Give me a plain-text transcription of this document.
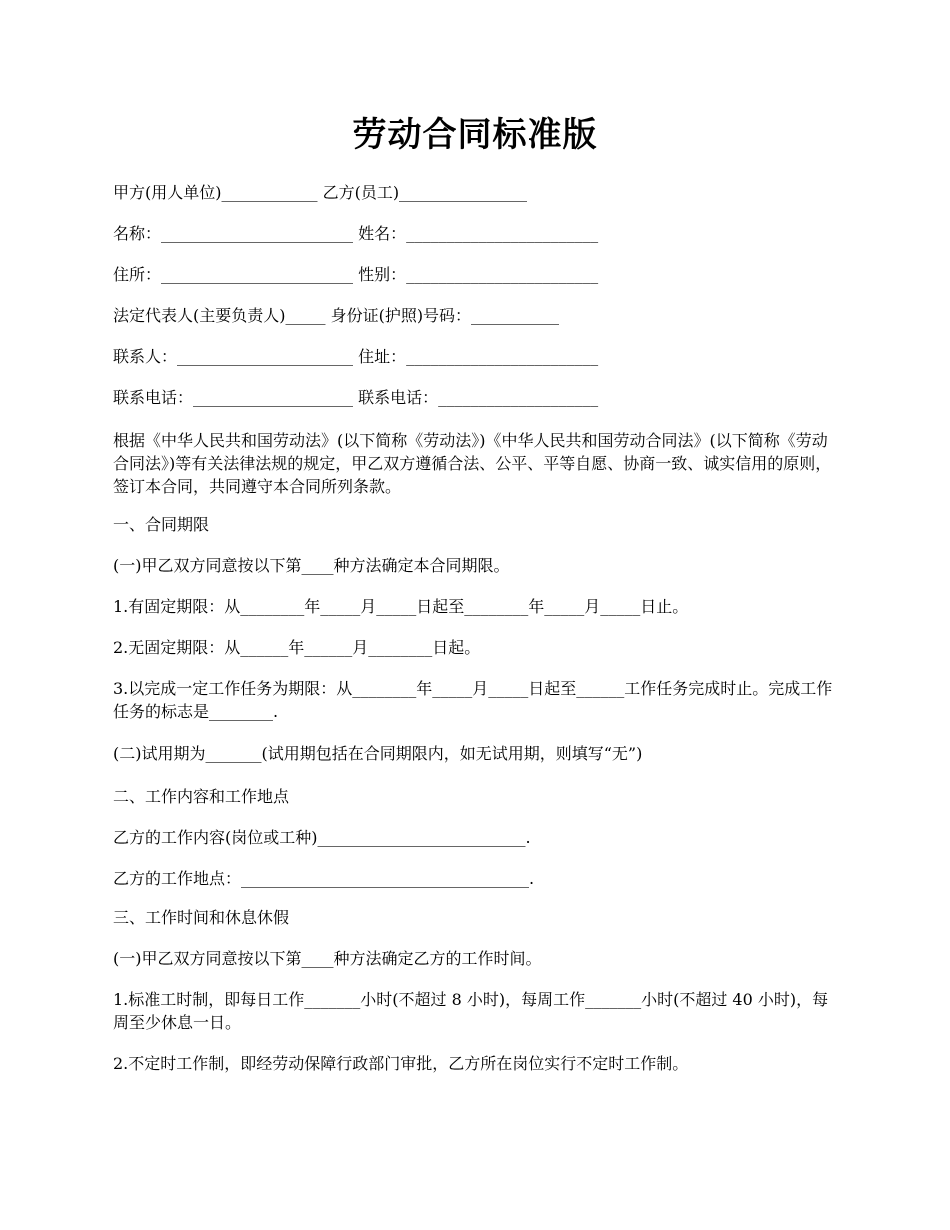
劳动合同标准版
甲方(用人单位)____________ 乙方(员工)________________
名称：________________________ 姓名：________________________
住所：________________________ 性别：________________________
法定代表人(主要负责人)_____ 身份证(护照)号码：___________
联系人：______________________ 住址：________________________
联系电话：____________________ 联系电话：____________________
根据《中华人民共和国劳动法》(以下简称《劳动法》)《中华人民共和国劳动合同法》(以下简称《劳动合同法》)等有关法律法规的规定，甲乙双方遵循合法、公平、平等自愿、协商一致、诚实信用的原则，签订本合同，共同遵守本合同所列条款。
一、合同期限
(一)甲乙双方同意按以下第____种方法确定本合同期限。
1.有固定期限：从________年_____月_____日起至________年_____月_____日止。
2.无固定期限：从______年______月________日起。
3.以完成一定工作任务为期限：从________年_____月_____日起至______工作任务完成时止。完成工作任务的标志是________.
(二)试用期为_______(试用期包括在合同期限内，如无试用期，则填写“无”)
二、工作内容和工作地点
乙方的工作内容(岗位或工种)__________________________.
乙方的工作地点：____________________________________.
三、工作时间和休息休假
(一)甲乙双方同意按以下第____种方法确定乙方的工作时间。
1.标准工时制，即每日工作_______小时(不超过 8 小时)，每周工作_______小时(不超过 40 小时)，每周至少休息一日。
2.不定时工作制，即经劳动保障行政部门审批，乙方所在岗位实行不定时工作制。
